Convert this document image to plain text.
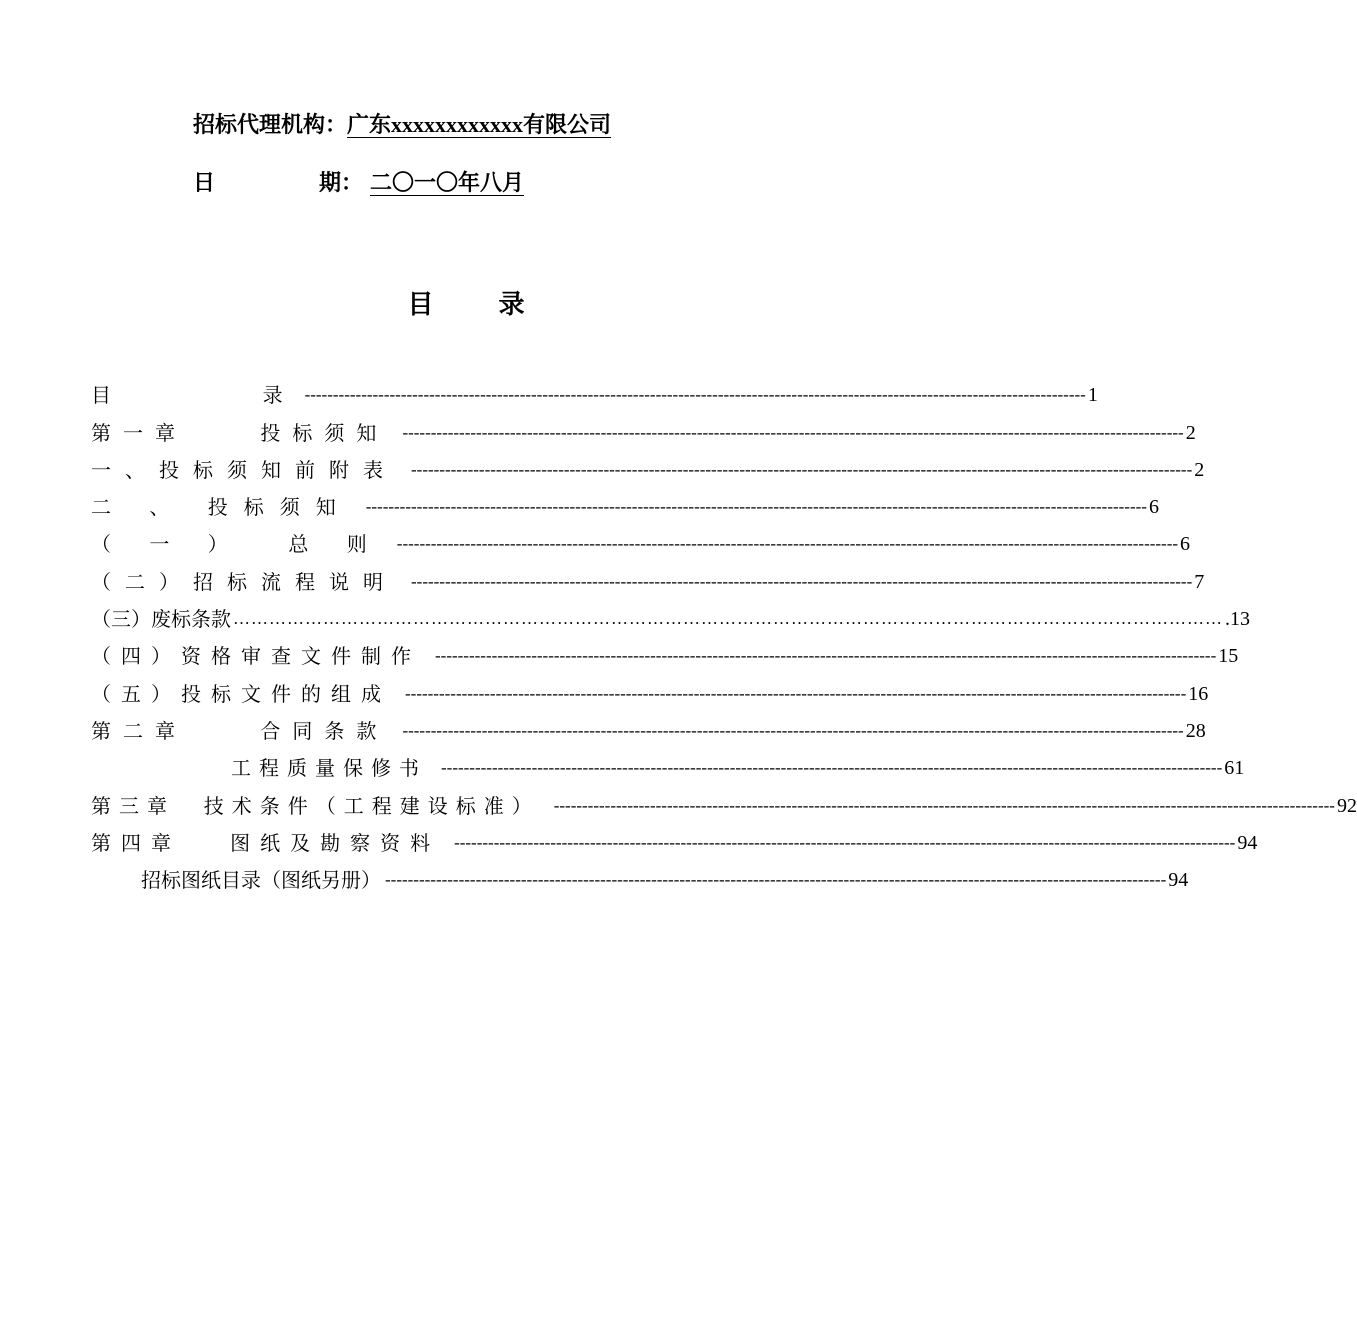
招标代理机构：广东xxxxxxxxxxxx有限公司
日	期： 二〇一〇年八月
目 录
目          录 ------------------------------------------------------------------------------------------------------------------------------------------ 1
第一章    投标须知 ------------------------------------------------------------------------------------------------------------------------------------------ 2
一、投标须知前附表 ------------------------------------------------------------------------------------------------------------------------------------------ 2
二 、 投标须知 ------------------------------------------------------------------------------------------------------------------------------------------ 6
（ 一 ）  总 则 ------------------------------------------------------------------------------------------------------------------------------------------ 6
（二）招标流程说明 ------------------------------------------------------------------------------------------------------------------------------------------ 7
（三）废标条款 ………………………………………………………………………………………………………………………………………………… .13
（四）资格审查文件制作 ------------------------------------------------------------------------------------------------------------------------------------------ 15
（五）投标文件的组成 ------------------------------------------------------------------------------------------------------------------------------------------ 16
第二章    合同条款 ------------------------------------------------------------------------------------------------------------------------------------------ 28
工程质量保修书 ------------------------------------------------------------------------------------------------------------------------------------------ 61
第三章  技术条件（工程建设标准） ------------------------------------------------------------------------------------------------------------------------------------------ 92
第四章   图纸及勘察资料 ------------------------------------------------------------------------------------------------------------------------------------------ 94
招标图纸目录（图纸另册） ------------------------------------------------------------------------------------------------------------------------------------------ 94
